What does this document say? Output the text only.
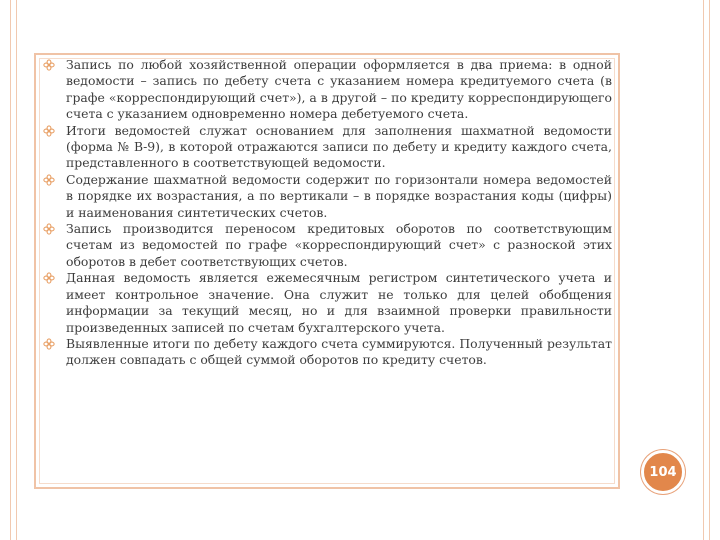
Запись по любой хозяйственной операции оформляется в два приема: в одной ведомости – запись по дебету счета с указанием номера кредитуемого счета (в графе «корреспондирующий счет»), а в другой – по кредиту корреспондирующего счета с указанием одновременно номера дебетуемого счета.
Итоги ведомостей служат основанием для заполнения шахматной ведомости (форма № В-9), в которой отражаются записи по дебету и кредиту каждого счета, представленного в соответствующей ведомости.
Содержание шахматной ведомости содержит по горизонтали номера ведомостей в порядке их возрастания, а по вертикали – в порядке возрастания коды (цифры) и наименования синтетических счетов.
Запись производится переносом кредитовых оборотов по соответствующим счетам из ведомостей по графе «корреспондирующий счет» с разноской этих оборотов в дебет соответствующих счетов.
Данная ведомость является ежемесячным регистром синтетического учета и имеет контрольное значение. Она служит не только для целей обобщения информации за текущий месяц, но и для взаимной проверки правильности произведенных записей по счетам бухгалтерского учета.
Выявленные итоги по дебету каждого счета суммируются. Полученный результат должен совпадать с общей суммой оборотов по кредиту счетов.
104
